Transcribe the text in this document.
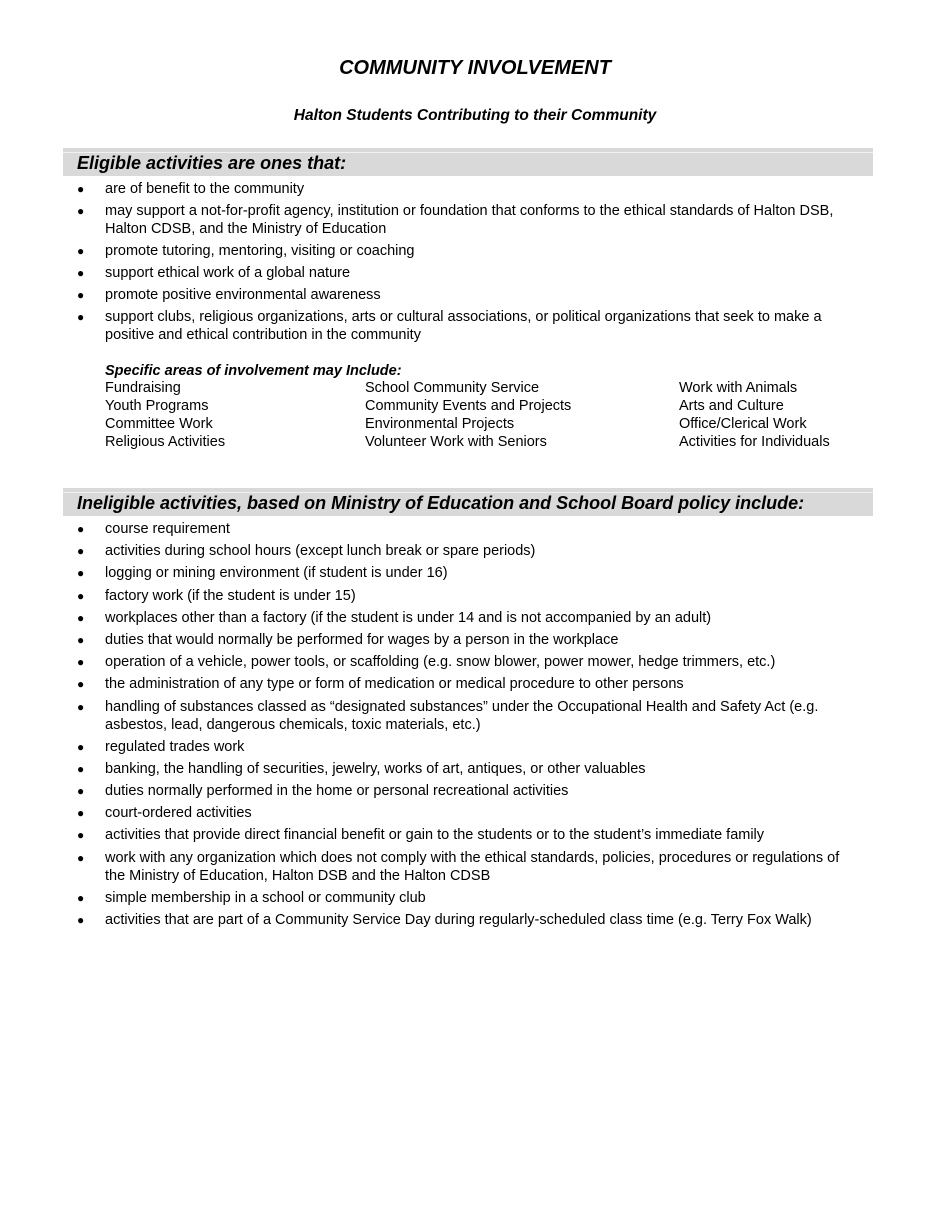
COMMUNITY INVOLVEMENT
Halton Students Contributing to their Community
Eligible activities are ones that:
● are of benefit to the community
● may support a not-for-profit agency, institution or foundation that conforms to the ethical standards of Halton DSB, Halton CDSB, and the Ministry of Education
● promote tutoring, mentoring, visiting or coaching
● support ethical work of a global nature
● promote positive environmental awareness
● support clubs, religious organizations, arts or cultural associations, or political organizations that seek to make a positive and ethical contribution in the community
Specific areas of involvement may Include:
Fundraising
Youth Programs
Committee Work
Religious Activities
School Community Service
Community Events and Projects
Environmental Projects
Volunteer Work with Seniors
Work with Animals
Arts and Culture
Office/Clerical Work
Activities for Individuals
Ineligible activities, based on Ministry of Education and School Board policy include:
● course requirement
● activities during school hours (except lunch break or spare periods)
● logging or mining environment (if student is under 16)
● factory work (if the student is under 15)
● workplaces other than a factory (if the student is under 14 and is not accompanied by an adult)
● duties that would normally be performed for wages by a person in the workplace
● operation of a vehicle, power tools, or scaffolding (e.g. snow blower, power mower, hedge trimmers, etc.)
● the administration of any type or form of medication or medical procedure to other persons
● handling of substances classed as “designated substances” under the Occupational Health and Safety Act (e.g. asbestos, lead, dangerous chemicals, toxic materials, etc.)
● regulated trades work
● banking, the handling of securities, jewelry, works of art, antiques, or other valuables
● duties normally performed in the home or personal recreational activities
● court-ordered activities
● activities that provide direct financial benefit or gain to the students or to the student’s immediate family
● work with any organization which does not comply with the ethical standards, policies, procedures or regulations of the Ministry of Education, Halton DSB and the Halton CDSB
● simple membership in a school or community club
● activities that are part of a Community Service Day during regularly-scheduled class time (e.g. Terry Fox Walk)
